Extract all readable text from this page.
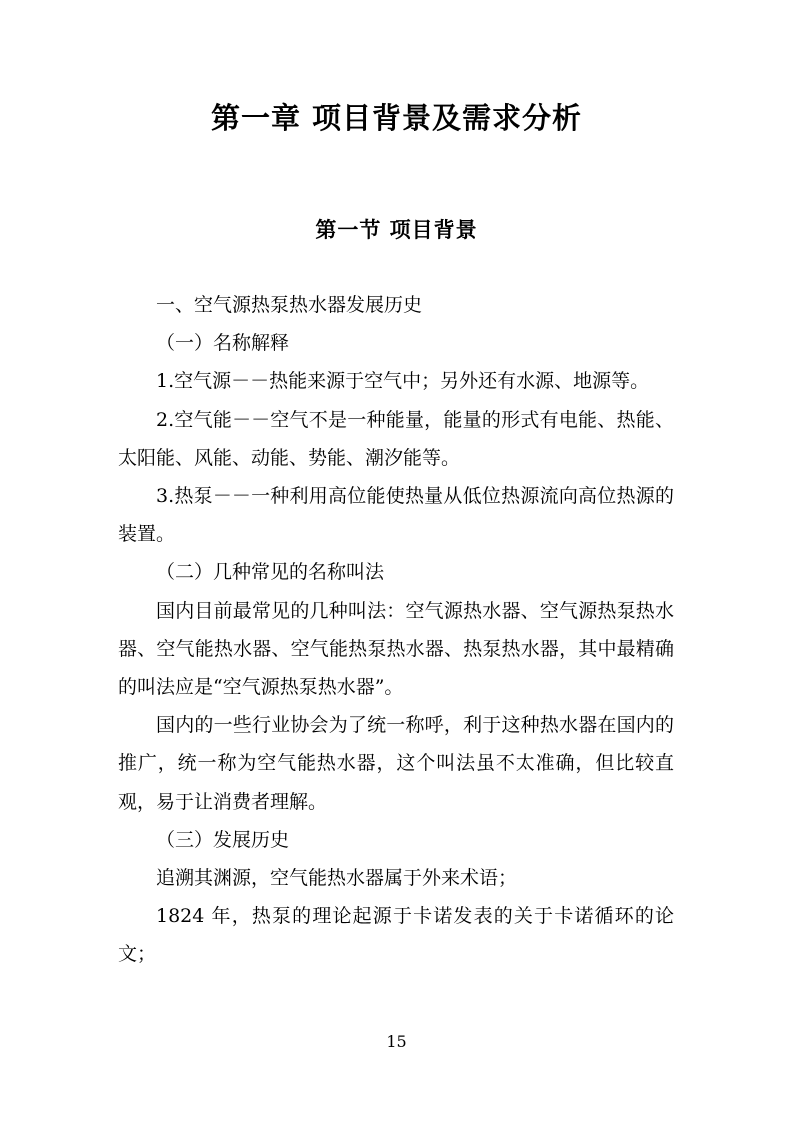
第一章 项目背景及需求分析
第一节 项目背景

一、空气源热泵热水器发展历史

（一）名称解释

1.空气源－－热能来源于空气中；另外还有水源、地源等。

2.空气能－－空气不是一种能量，能量的形式有电能、热能、太阳能、风能、动能、势能、潮汐能等。

3.热泵－－一种利用高位能使热量从低位热源流向高位热源的装置。

（二）几种常见的名称叫法

国内目前最常见的几种叫法：空气源热水器、空气源热泵热水器、空气能热水器、空气能热泵热水器、热泵热水器，其中最精确的叫法应是“空气源热泵热水器”。

国内的一些行业协会为了统一称呼，利于这种热水器在国内的推广，统一称为空气能热水器，这个叫法虽不太准确，但比较直观，易于让消费者理解。

（三）发展历史

追溯其渊源，空气能热水器属于外来术语；

1824 年，热泵的理论起源于卡诺发表的关于卡诺循环的论文；

15
